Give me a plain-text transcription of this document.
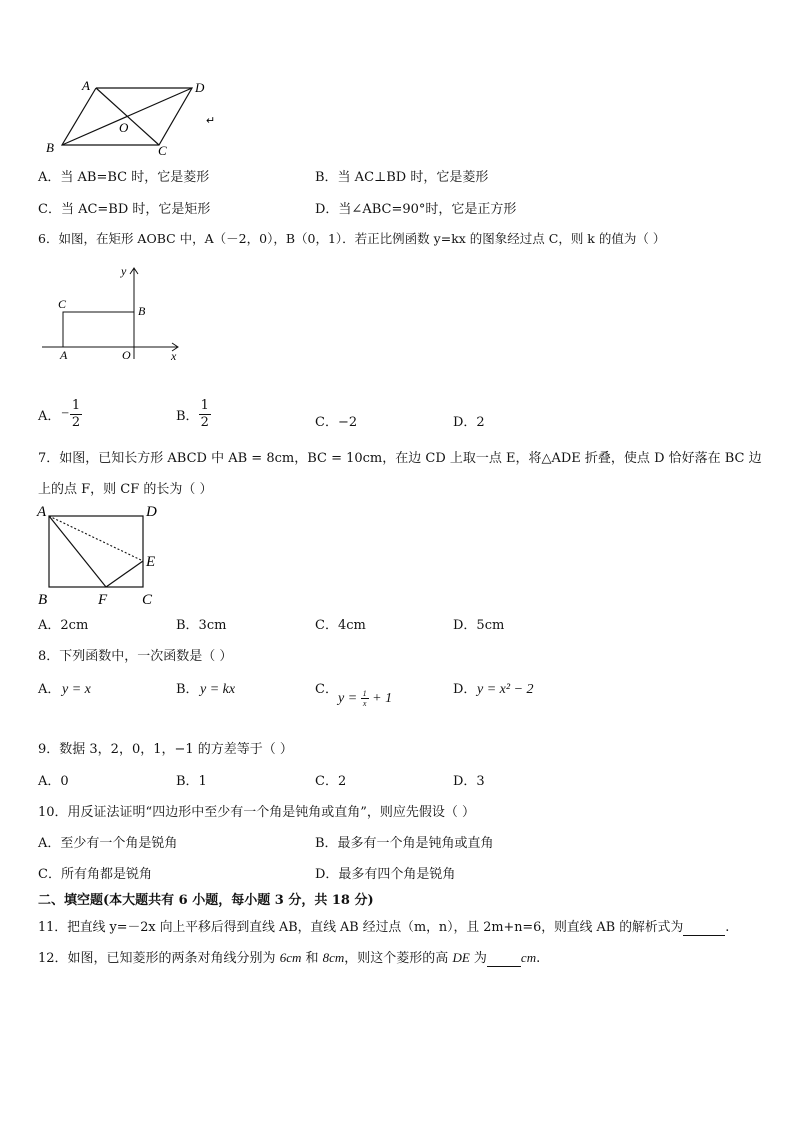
A	D
O
B	C
↵
A．当 AB=BC 时，它是菱形	B．当 AC⊥BD 时，它是菱形
C．当 AC=BD 时，它是矩形	D．当∠ABC=90°时，它是正方形
6．如图，在矩形 AOBC 中，A（－2，0），B（0，1）．若正比例函数 y=kx 的图象经过点 C，则 k 的值为（ ）
y
C	B
A	O	x
A．− $\frac{1}{2}$	B． $\frac{1}{2}$	C．−2	D．2
7．如图，已知长方形 ABCD 中 AB = 8cm，BC = 10cm，在边 CD 上取一点 E，将△ADE 折叠，使点 D 恰好落在 BC 边
上的点 F，则 CF 的长为（ ）
A	D
E
B	F C
A．2cm	B．3cm	C．4cm	D．5cm
8．下列函数中，一次函数是（ ）
A． y = x	B． y = kx	C．
$y = \frac{1}{x} + 1$
D． y = x² − 2
9．数据 3，2，0，1，−1 的方差等于（ ）
A．0	B．1	C．2	D．3
10．用反证法证明“四边形中至少有一个角是钝角或直角”，则应先假设（ ）
A．至少有一个角是锐角	B．最多有一个角是钝角或直角
C．所有角都是锐角	D．最多有四个角是锐角
二、填空题(本大题共有 6 小题，每小题 3 分，共 18 分)
11．把直线 y=－2x 向上平移后得到直线 AB，直线 AB 经过点（m，n），且 2m+n=6，则直线 AB 的解析式为	.
12．如图，已知菱形的两条对角线分别为 6cm 和 8cm，则这个菱形的高 DE 为	cm.
